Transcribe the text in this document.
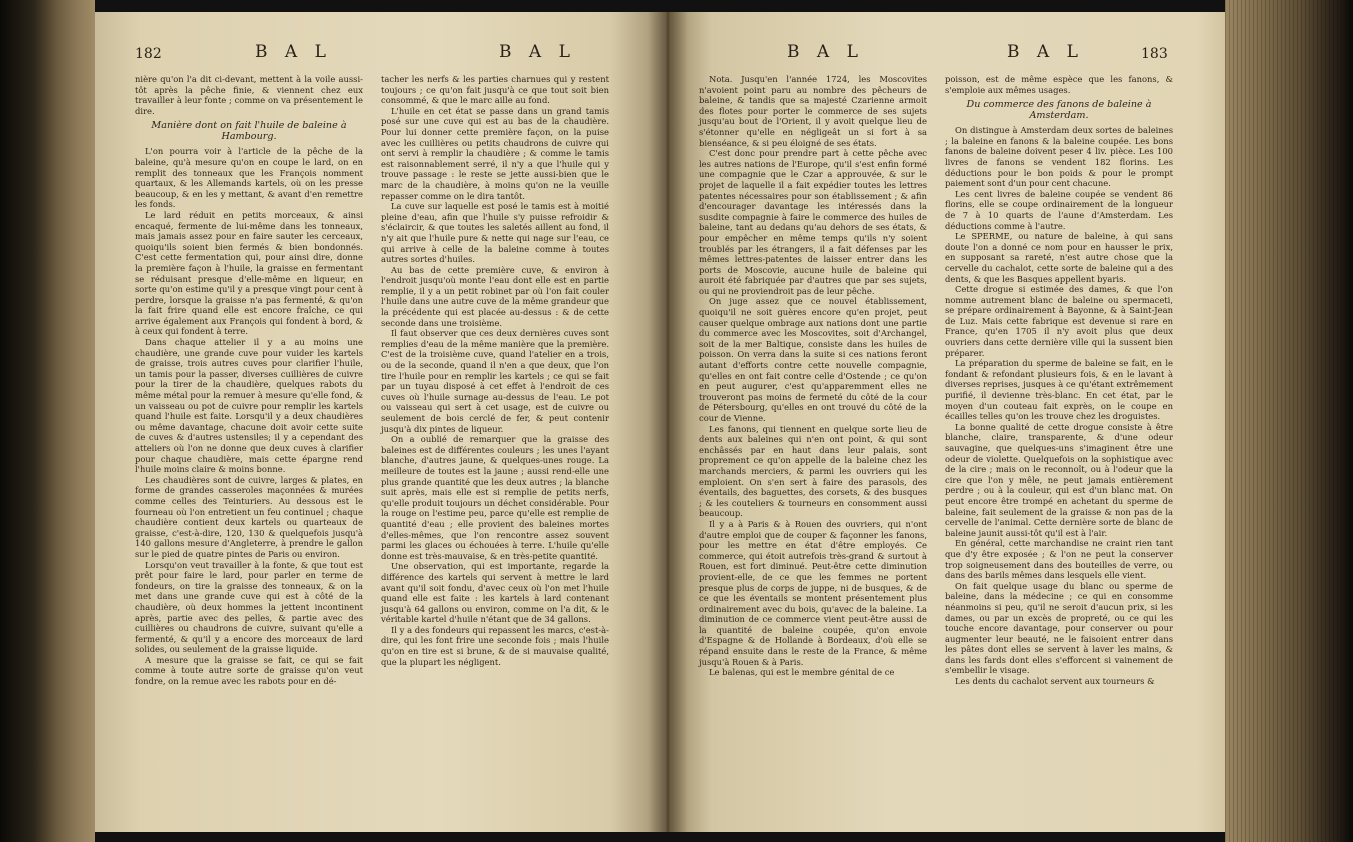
182	B A L	B A L

nière qu'on l'a dit ci-devant, mettent à la voile aussi-tôt après la pêche finie, & viennent chez eux travailler à leur fonte ; comme on va présentement le dire.

Manière dont on fait l'huile de baleine à Hambourg.

L'on pourra voir à l'article de la pêche de la baleine, qu'à mesure qu'on en coupe le lard, on en remplit des tonneaux que les François nomment quartaux, & les Allemands kartels, où on les presse beaucoup, & en les y mettant, & avant d'en remettre les fonds.

Le lard réduit en petits morceaux, & ainsi encaqué, fermente de lui-même dans les tonneaux, mais jamais assez pour en faire sauter les cerceaux, quoiqu'ils soient bien fermés & bien bondonnés. C'est cette fermentation qui, pour ainsi dire, donne la première façon à l'huile, la graisse en fermentant se réduisant presque d'elle-même en liqueur, en sorte qu'on estime qu'il y a presque vingt pour cent à perdre, lorsque la graisse n'a pas fermenté, & qu'on la fait frire quand elle est encore fraîche, ce qui arrive également aux François qui fondent à bord, & à ceux qui fondent à terre.

Dans chaque attelier il y a au moins une chaudière, une grande cuve pour vuider les kartels de graisse, trois autres cuves pour clarifier l'huile, un tamis pour la passer, diverses cuillières de cuivre pour la tirer de la chaudière, quelques rabots du même métal pour la remuer à mesure qu'elle fond, & un vaisseau ou pot de cuivre pour remplir les kartels quand l'huile est faite. Lorsqu'il y a deux chaudières ou même davantage, chacune doit avoir cette suite de cuves & d'autres ustensiles; il y a cependant des atteliers où l'on ne donne que deux cuves à clarifier pour chaque chaudière, mais cette épargne rend l'huile moins claire & moins bonne.

Les chaudières sont de cuivre, larges & plates, en forme de grandes casseroles maçonnées & murées comme celles des Teinturiers. Au dessous est le fourneau où l'on entretient un feu continuel ; chaque chaudière contient deux kartels ou quarteaux de graisse, c'est-à-dire, 120, 130 & quelquefois jusqu'à 140 gallons mesure d'Angleterre, à prendre le gallon sur le pied de quatre pintes de Paris ou environ.

Lorsqu'on veut travailler à la fonte, & que tout est prêt pour faire le lard, pour parler en terme de fondeurs, on tire la graisse des tonneaux, & on la met dans une grande cuve qui est à côté de la chaudière, où deux hommes la jettent incontinent après, partie avec des pelles, & partie avec des cuillières ou chaudrons de cuivre, suivant qu'elle a fermenté, & qu'il y a encore des morceaux de lard solides, ou seulement de la graisse liquide.

A mesure que la graisse se fait, ce qui se fait comme à toute autre sorte de graisse qu'on veut fondre, on la remue avec les rabots pour en dé-

tacher les nerfs & les parties charnues qui y restent toujours ; ce qu'on fait jusqu'à ce que tout soit bien consommé, & que le marc aille au fond.

L'huile en cet état se passe dans un grand tamis posé sur une cuve qui est au bas de la chaudière. Pour lui donner cette première façon, on la puise avec les cuillières ou petits chaudrons de cuivre qui ont servi à remplir la chaudière ; & comme le tamis est raisonnablement serré, il n'y a que l'huile qui y trouve passage : le reste se jette aussi-bien que le marc de la chaudière, à moins qu'on ne la veuille repasser comme on le dira tantôt.

La cuve sur laquelle est posé le tamis est à moitié pleine d'eau, afin que l'huile s'y puisse refroidir & s'éclaircir, & que toutes les saletés aillent au fond, il n'y ait que l'huile pure & nette qui nage sur l'eau, ce qui arrive à celle de la baleine comme à toutes autres sortes d'huiles.

Au bas de cette première cuve, & environ à l'endroit jusqu'où monte l'eau dont elle est en partie remplie, il y a un petit robinet par où l'on fait couler l'huile dans une autre cuve de la même grandeur que la précédente qui est placée au-dessus : & de cette seconde dans une troisième.

Il faut observer que ces deux dernières cuves sont remplies d'eau de la même manière que la première. C'est de la troisième cuve, quand l'atelier en a trois, ou de la seconde, quand il n'en a que deux, que l'on tire l'huile pour en remplir les kartels ; ce qui se fait par un tuyau disposé à cet effet à l'endroit de ces cuves où l'huile surnage au-dessus de l'eau. Le pot ou vaisseau qui sert à cet usage, est de cuivre ou seulement de bois cerclé de fer, & peut contenir jusqu'à dix pintes de liqueur.

On a oublié de remarquer que la graisse des baleines est de différentes couleurs ; les unes l'ayant blanche, d'autres jaune, & quelques-unes rouge. La meilleure de toutes est la jaune ; aussi rend-elle une plus grande quantité que les deux autres ; la blanche suit après, mais elle est si remplie de petits nerfs, qu'elle produit toujours un déchet considérable. Pour la rouge on l'estime peu, parce qu'elle est remplie de quantité d'eau ; elle provient des baleines mortes d'elles-mêmes, que l'on rencontre assez souvent parmi les glaces ou échouées à terre. L'huile qu'elle donne est très-mauvaise, & en très-petite quantité.

Une observation, qui est importante, regarde la différence des kartels qui servent à mettre le lard avant qu'il soit fondu, d'avec ceux où l'on met l'huile quand elle est faite : les kartels à lard contenant jusqu'à 64 gallons ou environ, comme on l'a dit, & le véritable kartel d'huile n'étant que de 34 gallons.

Il y a des fondeurs qui repassent les marcs, c'est-à-dire, qui les font frire une seconde fois ; mais l'huile qu'on en tire est si brune, & de si mauvaise qualité, que la plupart les négligent.

B A L	B A L	183

Nota. Jusqu'en l'année 1724, les Moscovites n'avoient point paru au nombre des pêcheurs de baleine, & tandis que sa majesté Czarienne armoit des flotes pour porter le commerce de ses sujets jusqu'au bout de l'Orient, il y avoit quelque lieu de s'étonner qu'elle en négligeât un si fort à sa bienséance, & si peu éloigné de ses états.

C'est donc pour prendre part à cette pêche avec les autres nations de l'Europe, qu'il s'est enfin formé une compagnie que le Czar a approuvée, & sur le projet de laquelle il a fait expédier toutes les lettres patentes nécessaires pour son établissement ; & afin d'encourager davantage les intéressés dans la susdite compagnie à faire le commerce des huiles de baleine, tant au dedans qu'au dehors de ses états, & pour empêcher en même temps qu'ils n'y soient troublés par les étrangers, il a fait défenses par les mêmes lettres-patentes de laisser entrer dans les ports de Moscovie, aucune huile de baleine qui auroit été fabriquée par d'autres que par ses sujets, ou qui ne proviendroit pas de leur pêche.

On juge assez que ce nouvel établissement, quoiqu'il ne soit guères encore qu'en projet, peut causer quelque ombrage aux nations dont une partie du commerce avec les Moscovites, soit d'Archangel, soit de la mer Baltique, consiste dans les huiles de poisson. On verra dans la suite si ces nations feront autant d'efforts contre cette nouvelle compagnie, qu'elles en ont fait contre celle d'Ostende ; ce qu'on en peut augurer, c'est qu'apparemment elles ne trouveront pas moins de fermeté du côté de la cour de Pétersbourg, qu'elles en ont trouvé du côté de la cour de Vienne.

Les fanons, qui tiennent en quelque sorte lieu de dents aux baleines qui n'en ont point, & qui sont enchâssés par en haut dans leur palais, sont proprement ce qu'on appelle de la baleine chez les marchands merciers, & parmi les ouvriers qui les emploient. On s'en sert à faire des parasols, des éventails, des baguettes, des corsets, & des busques ; & les couteliers & tourneurs en consomment aussi beaucoup.

Il y a à Paris & à Rouen des ouvriers, qui n'ont d'autre emploi que de couper & façonner les fanons, pour les mettre en état d'être employés. Ce commerce, qui étoit autrefois très-grand & surtout à Rouen, est fort diminué. Peut-être cette diminution provient-elle, de ce que les femmes ne portent presque plus de corps de juppe, ni de busques, & de ce que les éventails se montent présentement plus ordinairement avec du bois, qu'avec de la baleine. La diminution de ce commerce vient peut-être aussi de la quantité de baleine coupée, qu'on envoie d'Espagne & de Hollande à Bordeaux, d'où elle se répand ensuite dans le reste de la France, & même jusqu'à Rouen & à Paris.

Le balenas, qui est le membre génital de ce

poisson, est de même espèce que les fanons, & s'emploie aux mêmes usages.

Du commerce des fanons de baleine à Amsterdam.

On distingue à Amsterdam deux sortes de baleines ; la baleine en fanons & la baleine coupée. Les bons fanons de baleine doivent peser 4 liv. pièce. Les 100 livres de fanons se vendent 182 florins. Les déductions pour le bon poids & pour le prompt paiement sont d'un pour cent chacune.

Les cent livres de baleine coupée se vendent 86 florins, elle se coupe ordinairement de la longueur de 7 à 10 quarts de l'aune d'Amsterdam. Les déductions comme à l'autre.

Le SPERME, ou nature de baleine, à qui sans doute l'on a donné ce nom pour en hausser le prix, en supposant sa rareté, n'est autre chose que la cervelle du cachalot, cette sorte de baleine qui a des dents, & que les Basques appellent byaris.

Cette drogue si estimée des dames, & que l'on nomme autrement blanc de baleine ou spermaceti, se prépare ordinairement à Bayonne, & à Saint-Jean de Luz. Mais cette fabrique est devenue si rare en France, qu'en 1705 il n'y avoit plus que deux ouvriers dans cette dernière ville qui la sussent bien préparer.

La préparation du sperme de baleine se fait, en le fondant & refondant plusieurs fois, & en le lavant à diverses reprises, jusques à ce qu'étant extrêmement purifié, il devienne très-blanc. En cet état, par le moyen d'un couteau fait exprès, on le coupe en écailles telles qu'on les trouve chez les droguistes.

La bonne qualité de cette drogue consiste à être blanche, claire, transparente, & d'une odeur sauvagine, que quelques-uns s'imaginent être une odeur de violette. Quelquefois on la sophistique avec de la cire ; mais on le reconnoît, ou à l'odeur que la cire que l'on y mêle, ne peut jamais entièrement perdre ; ou à la couleur, qui est d'un blanc mat. On peut encore être trompé en achetant du sperme de baleine, fait seulement de la graisse & non pas de la cervelle de l'animal. Cette dernière sorte de blanc de baleine jaunit aussi-tôt qu'il est à l'air.

En général, cette marchandise ne craint rien tant que d'y être exposée ; & l'on ne peut la conserver trop soigneusement dans des bouteilles de verre, ou dans des barils mêmes dans lesquels elle vient.

On fait quelque usage du blanc ou sperme de baleine, dans la médecine ; ce qui en consomme néanmoins si peu, qu'il ne seroit d'aucun prix, si les dames, ou par un excès de propreté, ou ce qui les touche encore davantage, pour conserver ou pour augmenter leur beauté, ne le faisoient entrer dans les pâtes dont elles se servent à laver les mains, & dans les fards dont elles s'efforcent si vainement de s'embellir le visage.

Les dents du cachalot servent aux tourneurs &
